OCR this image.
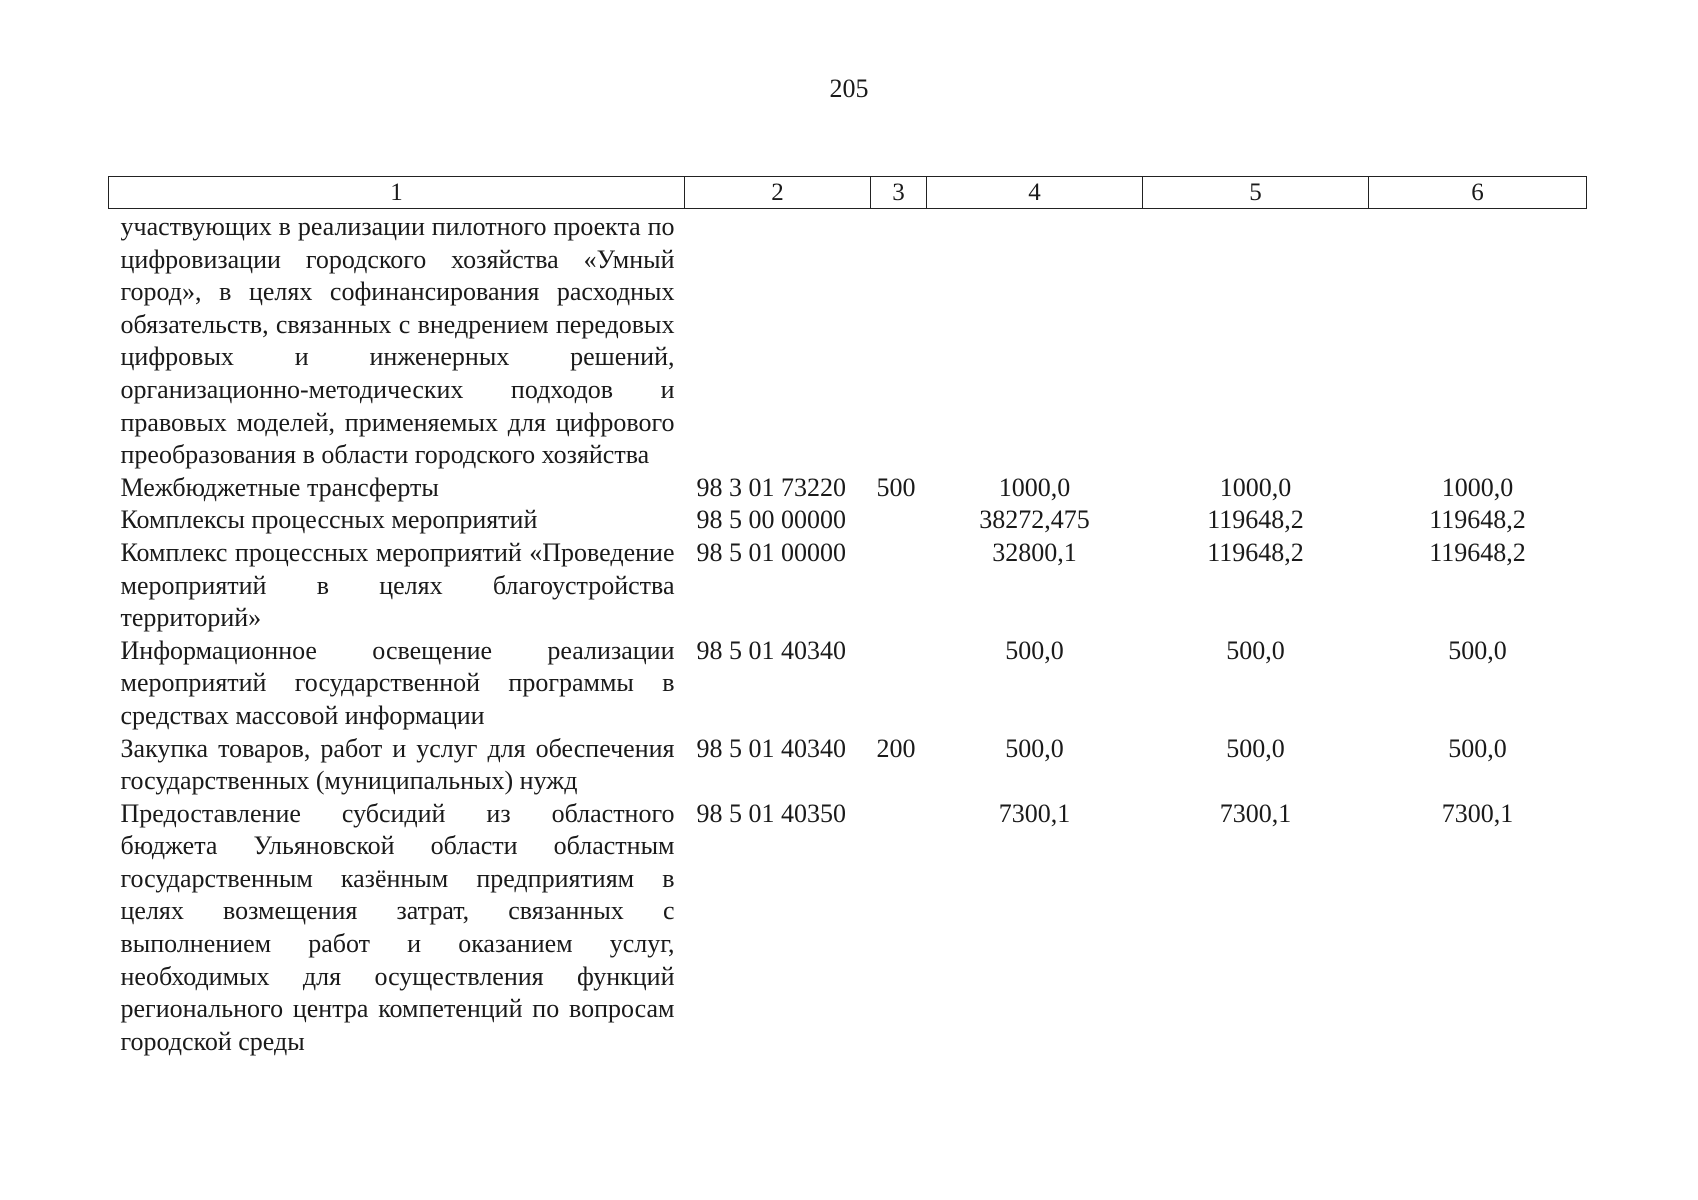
205
1	2	3	4	5	6
участвующих в реализации пилотного проекта по цифровизации городского хозяйства «Умный город», в целях софинансирования расходных обязательств, связанных с внедрением передовых цифровых и инженерных решений, организационно-методических подходов и правовых моделей, применяемых для цифрового преобразования в области городского хозяйства					
Межбюджетные трансферты	98 3 01 73220	500	1000,0	1000,0	1000,0
Комплексы процессных мероприятий	98 5 00 00000		38272,475	119648,2	119648,2
Комплекс процессных мероприятий «Проведение мероприятий в целях благоустройства территорий»	98 5 01 00000		32800,1	119648,2	119648,2
Информационное освещение реализации мероприятий государственной программы в средствах массовой информации	98 5 01 40340		500,0	500,0	500,0
Закупка товаров, работ и услуг для обеспечения государственных (муниципальных) нужд	98 5 01 40340	200	500,0	500,0	500,0
Предоставление субсидий из областного бюджета Ульяновской области областным государственным казённым предприятиям в целях возмещения затрат, связанных с выполнением работ и оказанием услуг, необходимых для осуществления функций регионального центра компетенций по вопросам городской среды	98 5 01 40350		7300,1	7300,1	7300,1
